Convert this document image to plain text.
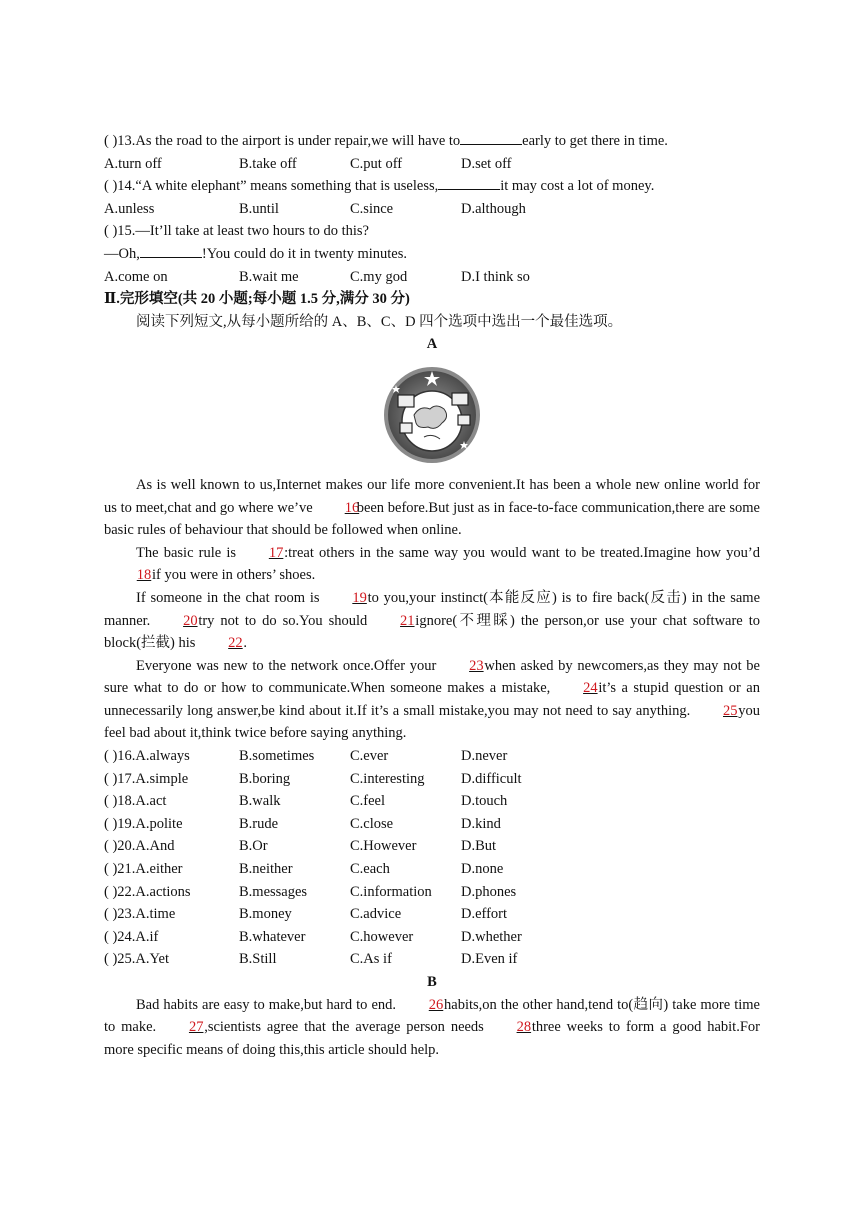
( )13.As the road to the airport is under repair,we will have to	early to get there in time.
A.turn off	B.take off	C.put off	D.set off
( )14.“A white elephant” means something that is useless,	it may cost a lot of money.
A.unless	B.until	C.since	D.although
( )15.—It’ll take at least two hours to do this?
—Oh,	!You could do it in twenty minutes.
A.come on	B.wait me	C.my god	D.I think so
Ⅱ.完形填空(共 20 小题;每小题 1.5 分,满分 30 分)
阅读下列短文,从每小题所给的 A、B、C、D 四个选项中选出一个最佳选项。
A
As is well known to us,Internet makes our life more convenient.It has been a whole new online world for us to meet,chat and go where we’ve 16been before.But just as in face-to-face communication,there are some basic rules of behaviour that should be followed when online.
The basic rule is 17:treat others in the same way you would want to be treated.Imagine how you’d18if you were in others’ shoes.
If someone in the chat room is 19to you,your instinct(本能反应) is to fire back(反击) in the same manner. 20try not to do so.You should 21ignore(不理睬) the person,or use your chat software to block(拦截) his 22.
Everyone was new to the network once.Offer your 23when asked by newcomers,as they may not be sure what to do or how to communicate.When someone makes a mistake, 24it’s a stupid question or an unnecessarily long answer,be kind about it.If it’s a small mistake,you may not need to say anything. 25you feel bad about it,think twice before saying anything.
( )16.A.always	B.sometimes	C.ever	D.never
( )17.A.simple	B.boring	C.interesting	D.difficult
( )18.A.act	B.walk	C.feel	D.touch
( )19.A.polite	B.rude	C.close	D.kind
( )20.A.And	B.Or	C.However	D.But
( )21.A.either	B.neither	C.each	D.none
( )22.A.actions	B.messages	C.information	D.phones
( )23.A.time	B.money	C.advice	D.effort
( )24.A.if	B.whatever	C.however	D.whether
( )25.A.Yet	B.Still	C.As if	D.Even if
B
Bad habits are easy to make,but hard to end. 26habits,on the other hand,tend to(趋向) take more time to make. 27,scientists agree that the average person needs 28three weeks to form a good habit.For more specific means of doing this,this article should help.
